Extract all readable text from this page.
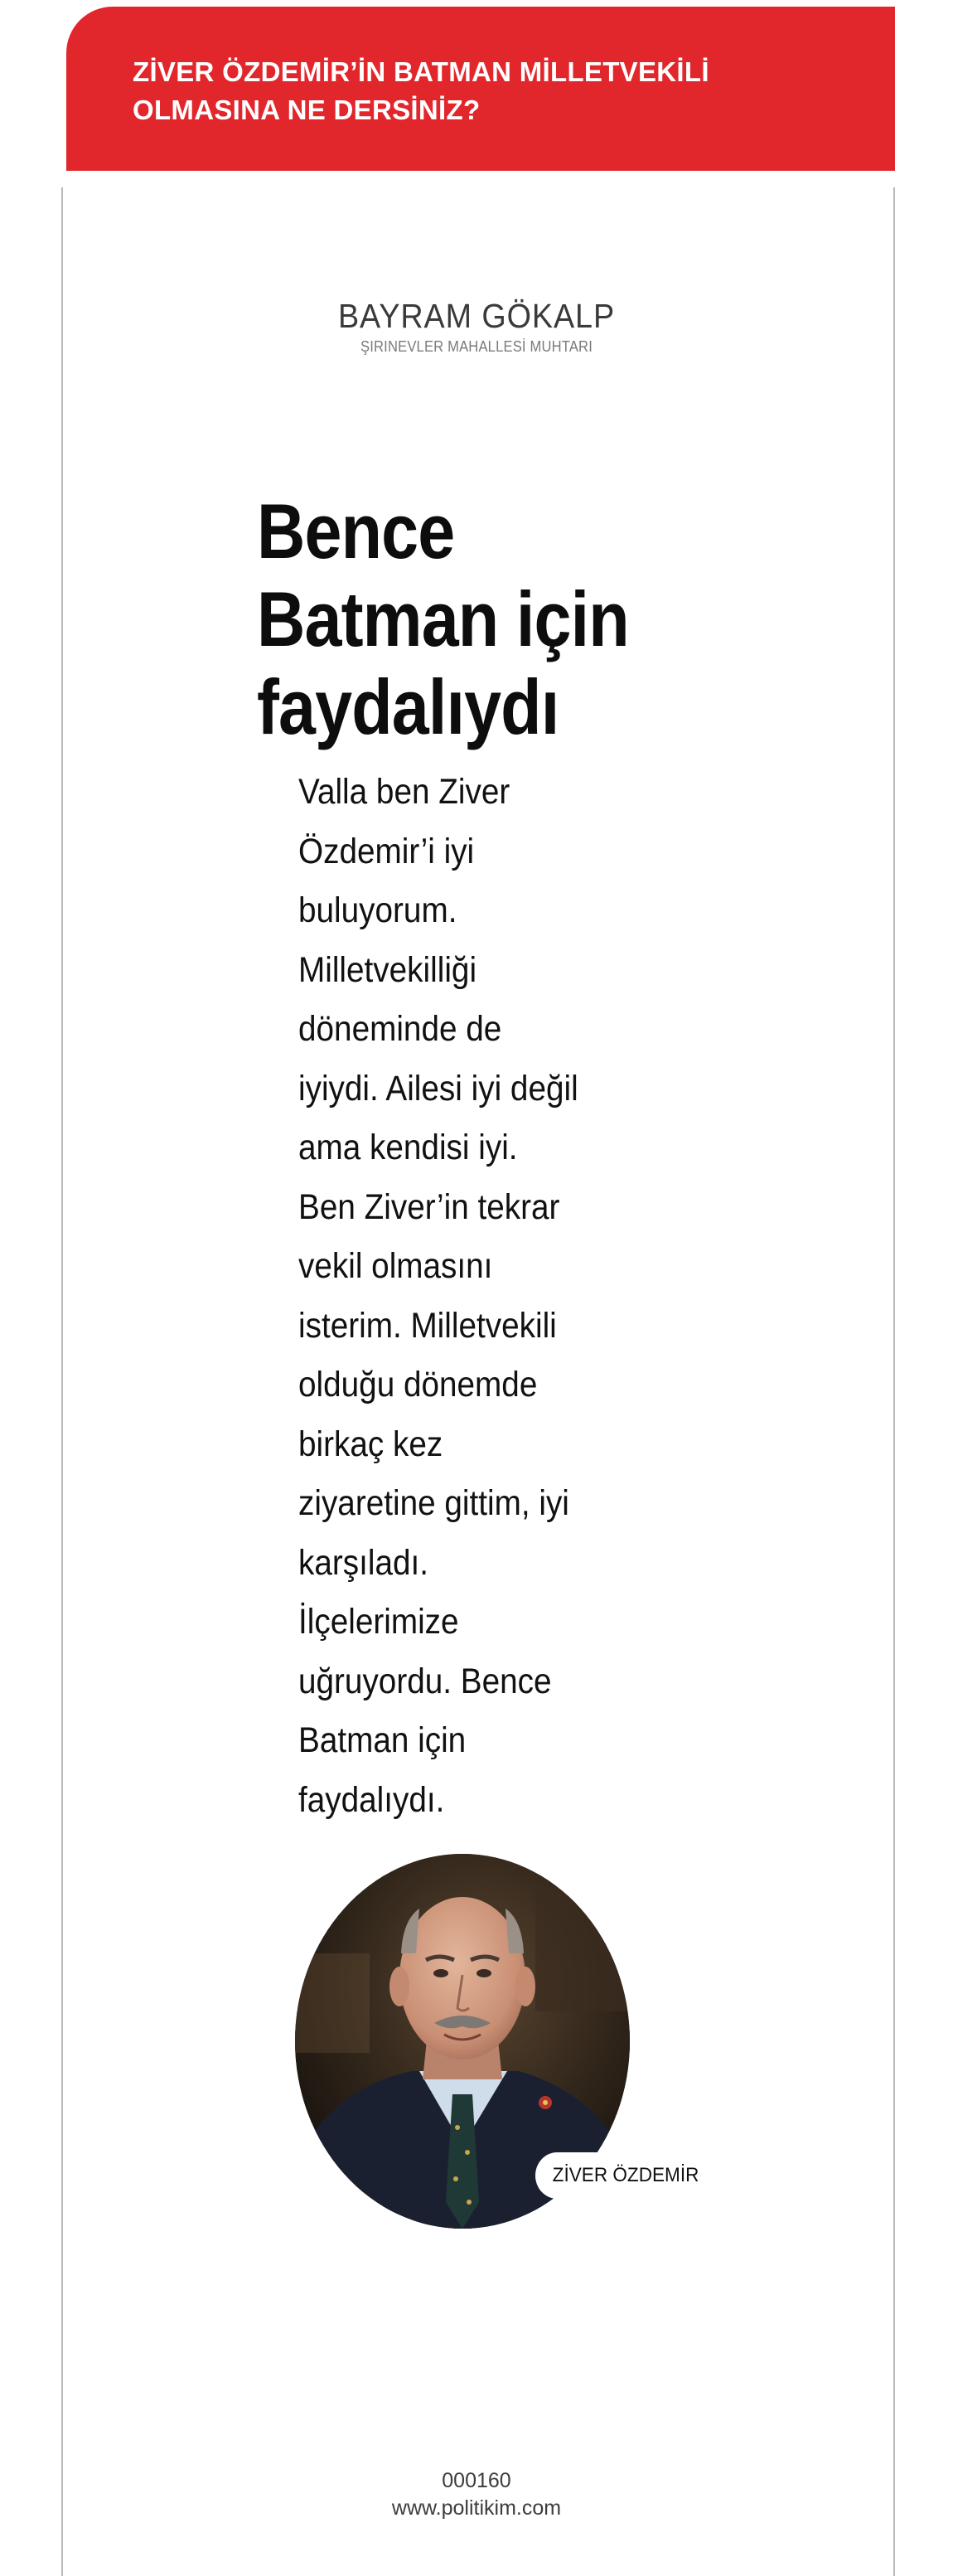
ZİVER ÖZDEMİR’İN BATMAN MİLLETVEKİLİ OLMASINA NE DERSİNİZ?

BAYRAM GÖKALP
ŞIRINEVLER MAHALLESİ MUHTARI
Bence Batman için faydalıydı

Valla ben Ziver Özdemir’i iyi buluyorum. Milletvekilliği döneminde de iyiydi. Ailesi iyi değil ama kendisi iyi. Ben Ziver’in tekrar vekil olmasını isterim. Milletvekili olduğu dönemde birkaç kez ziyaretine gittim, iyi karşıladı. İlçelerimize uğruyordu. Bence Batman için faydalıydı.

ZİVER ÖZDEMİR
000160
www.politikim.com
